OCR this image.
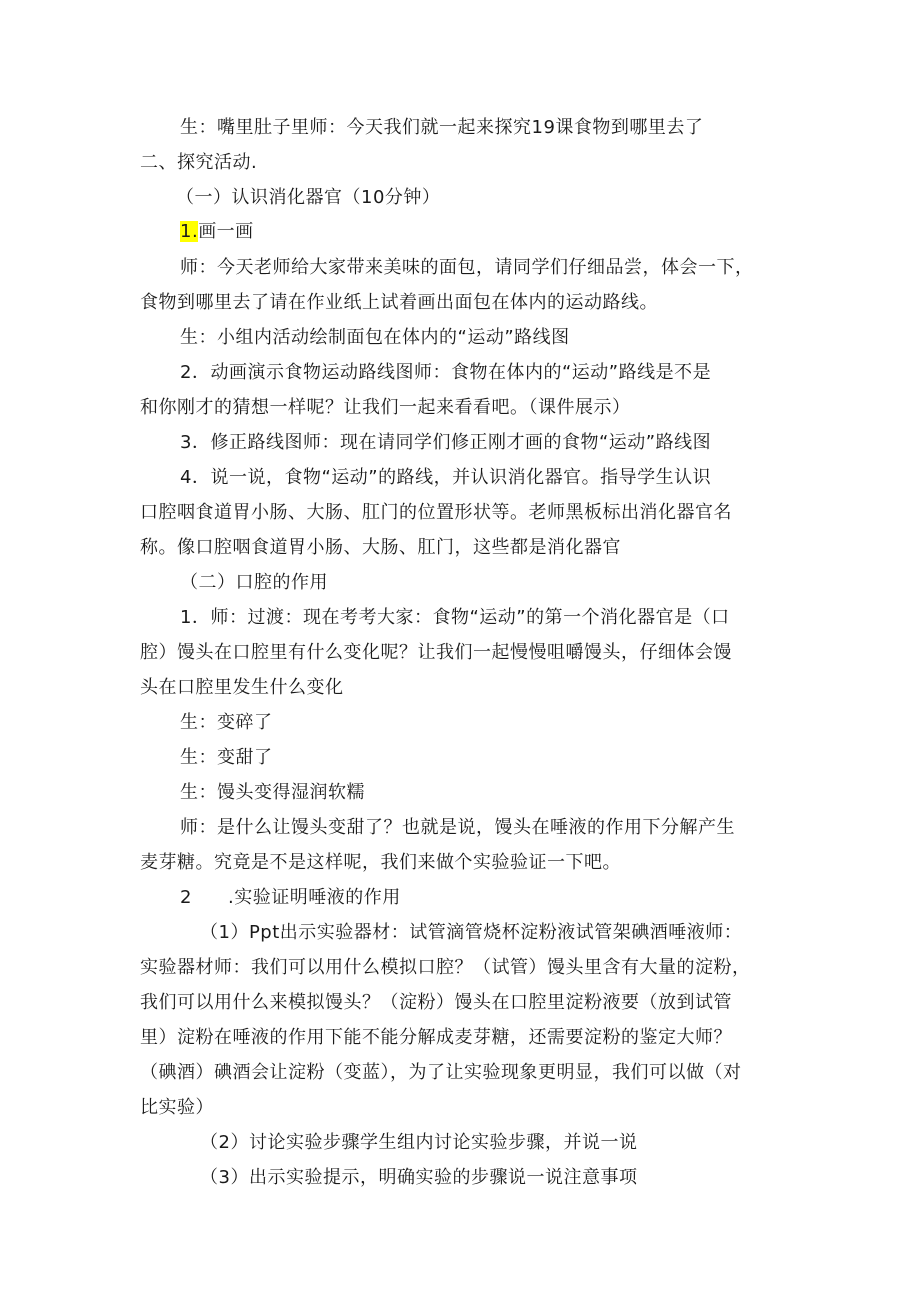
生：嘴里肚子里师：今天我们就一起来探究19课食物到哪里去了
二、探究活动.
（一）认识消化器官（10分钟）
1.画一画
师：今天老师给大家带来美味的面包，请同学们仔细品尝，体会一下，
食物到哪里去了请在作业纸上试着画出面包在体内的运动路线。
生：小组内活动绘制面包在体内的“运动”路线图
2．动画演示食物运动路线图师：食物在体内的“运动”路线是不是
和你刚才的猜想一样呢？让我们一起来看看吧。（课件展示）
3．修正路线图师：现在请同学们修正刚才画的食物“运动”路线图
4．说一说，食物“运动”的路线，并认识消化器官。指导学生认识
口腔咽食道胃小肠、大肠、肛门的位置形状等。老师黑板标出消化器官名
称。像口腔咽食道胃小肠、大肠、肛门，这些都是消化器官
（二）口腔的作用
1．师：过渡：现在考考大家：食物“运动”的第一个消化器官是（口
腔）馒头在口腔里有什么变化呢？让我们一起慢慢咀嚼馒头，仔细体会馒
头在口腔里发生什么变化
生：变碎了
生：变甜了
生：馒头变得湿润软糯
师：是什么让馒头变甜了？也就是说，馒头在唾液的作用下分解产生
麦芽糖。究竟是不是这样呢，我们来做个实验验证一下吧。
2 .实验证明唾液的作用
（1）Ppt出示实验器材：试管滴管烧杯淀粉液试管架碘酒唾液师：
实验器材师：我们可以用什么模拟口腔？（试管）馒头里含有大量的淀粉，
我们可以用什么来模拟馒头？（淀粉）馒头在口腔里淀粉液要（放到试管
里）淀粉在唾液的作用下能不能分解成麦芽糖，还需要淀粉的鉴定大师？
（碘酒）碘酒会让淀粉（变蓝），为了让实验现象更明显，我们可以做（对
比实验）
（2）讨论实验步骤学生组内讨论实验步骤，并说一说
（3）出示实验提示，明确实验的步骤说一说注意事项
